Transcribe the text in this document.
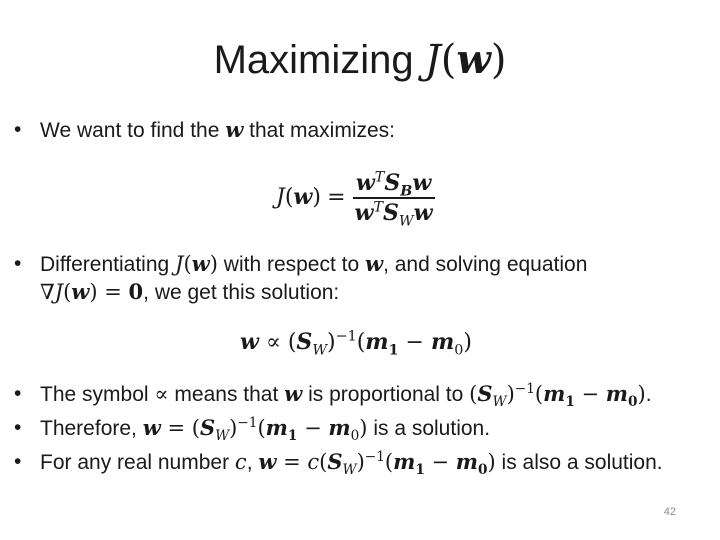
Maximizing J(w)
• We want to find the w that maximizes:
$J(w) = \frac{w^TS_Bw}{w^TS_Ww}$
• Differentiating J(w) with respect to w, and solving equation
∇J(w) = 0, we get this solution:
$w \propto (S_W)^{-1}(m_1 - m_0)$
• The symbol ∝ means that w is proportional to $(S_W)^{-1}(m_1 - m_0)$.
• Therefore, $w = (S_W)^{-1}(m_1 - m_0)$ is a solution.
• For any real number c, $w = c(S_W)^{-1}(m_1 - m_0)$ is also a solution.
42
